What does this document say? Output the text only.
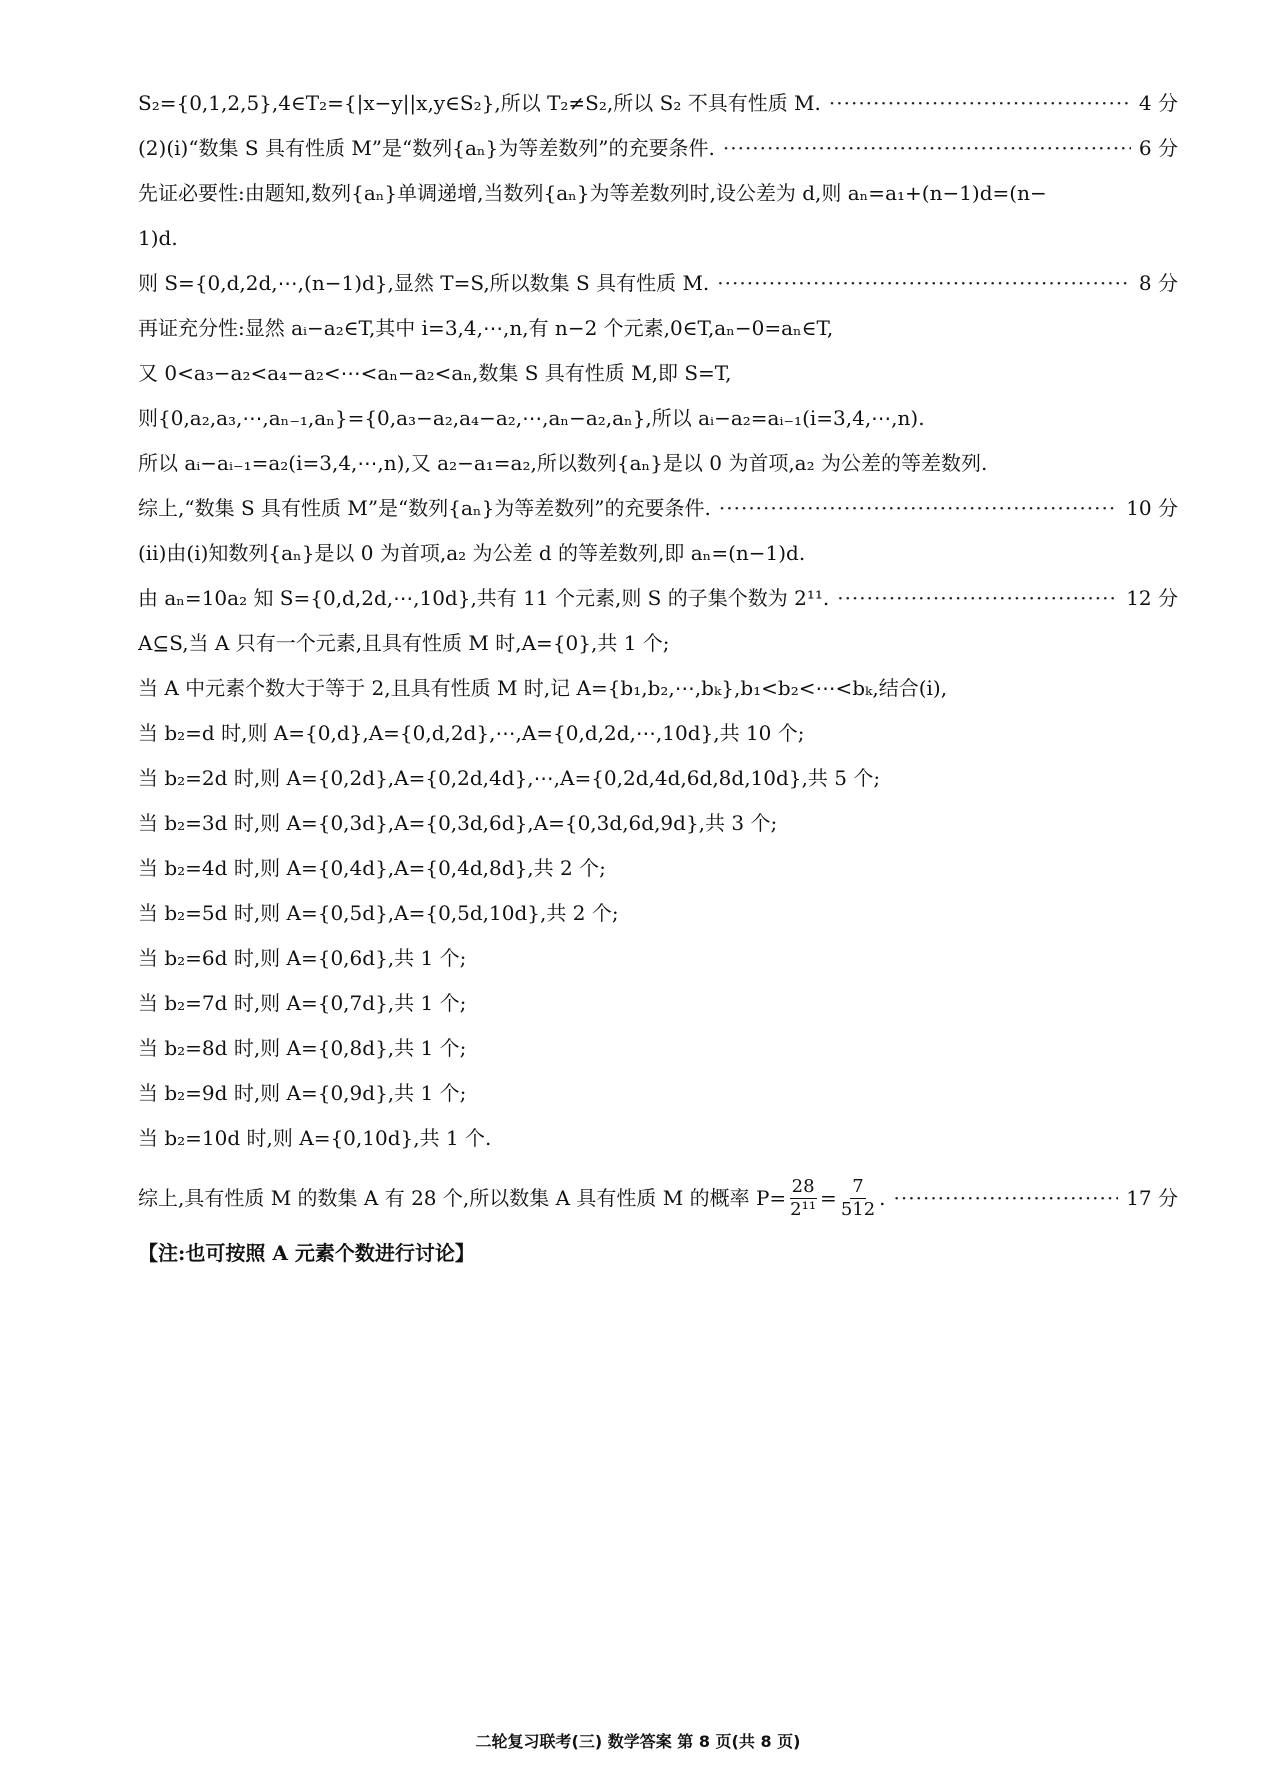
S₂={0,1,2,5},4∈T₂={|x−y||x,y∈S₂},所以 T₂≠S₂,所以 S₂ 不具有性质 M. ·····	4 分
(2)(ⅰ)“数集 S 具有性质 M”是“数列{aₙ}为等差数列”的充要条件. ·····	6 分
先证必要性:由题知,数列{aₙ}单调递增,当数列{aₙ}为等差数列时,设公差为 d,则 aₙ=a₁+(n−1)d=(n−
1)d.
则 S={0,d,2d,⋯,(n−1)d},显然 T=S,所以数集 S 具有性质 M. ·····	8 分
再证充分性:显然 aᵢ−a₂∈T,其中 i=3,4,⋯,n,有 n−2 个元素,0∈T,aₙ−0=aₙ∈T,
又 0<a₃−a₂<a₄−a₂<⋯<aₙ−a₂<aₙ,数集 S 具有性质 M,即 S=T,
则{0,a₂,a₃,⋯,aₙ₋₁,aₙ}={0,a₃−a₂,a₄−a₂,⋯,aₙ−a₂,aₙ},所以 aᵢ−a₂=aᵢ₋₁(i=3,4,⋯,n).
所以 aᵢ−aᵢ₋₁=a₂(i=3,4,⋯,n),又 a₂−a₁=a₂,所以数列{aₙ}是以 0 为首项,a₂ 为公差的等差数列.
综上,“数集 S 具有性质 M”是“数列{aₙ}为等差数列”的充要条件. ·····	10 分
(ⅱ)由(ⅰ)知数列{aₙ}是以 0 为首项,a₂ 为公差 d 的等差数列,即 aₙ=(n−1)d.
由 aₙ=10a₂ 知 S={0,d,2d,⋯,10d},共有 11 个元素,则 S 的子集个数为 2¹¹. ·····	12 分
A⊆S,当 A 只有一个元素,且具有性质 M 时,A={0},共 1 个;
当 A 中元素个数大于等于 2,且具有性质 M 时,记 A={b₁,b₂,⋯,bₖ},b₁<b₂<⋯<bₖ,结合(ⅰ),
当 b₂=d 时,则 A={0,d},A={0,d,2d},⋯,A={0,d,2d,⋯,10d},共 10 个;
当 b₂=2d 时,则 A={0,2d},A={0,2d,4d},⋯,A={0,2d,4d,6d,8d,10d},共 5 个;
当 b₂=3d 时,则 A={0,3d},A={0,3d,6d},A={0,3d,6d,9d},共 3 个;
当 b₂=4d 时,则 A={0,4d},A={0,4d,8d},共 2 个;
当 b₂=5d 时,则 A={0,5d},A={0,5d,10d},共 2 个;
当 b₂=6d 时,则 A={0,6d},共 1 个;
当 b₂=7d 时,则 A={0,7d},共 1 个;
当 b₂=8d 时,则 A={0,8d},共 1 个;
当 b₂=9d 时,则 A={0,9d},共 1 个;
当 b₂=10d 时,则 A={0,10d},共 1 个.
综上,具有性质 M 的数集 A 有 28 个,所以数集 A 具有性质 M 的概率 $P= \frac{28}{\text{2¹¹}} = \frac{7}{512}$ . ·····	17 分
【注:也可按照 A 元素个数进行讨论】
二轮复习联考(三) 数学答案 第 8 页(共 8 页)
